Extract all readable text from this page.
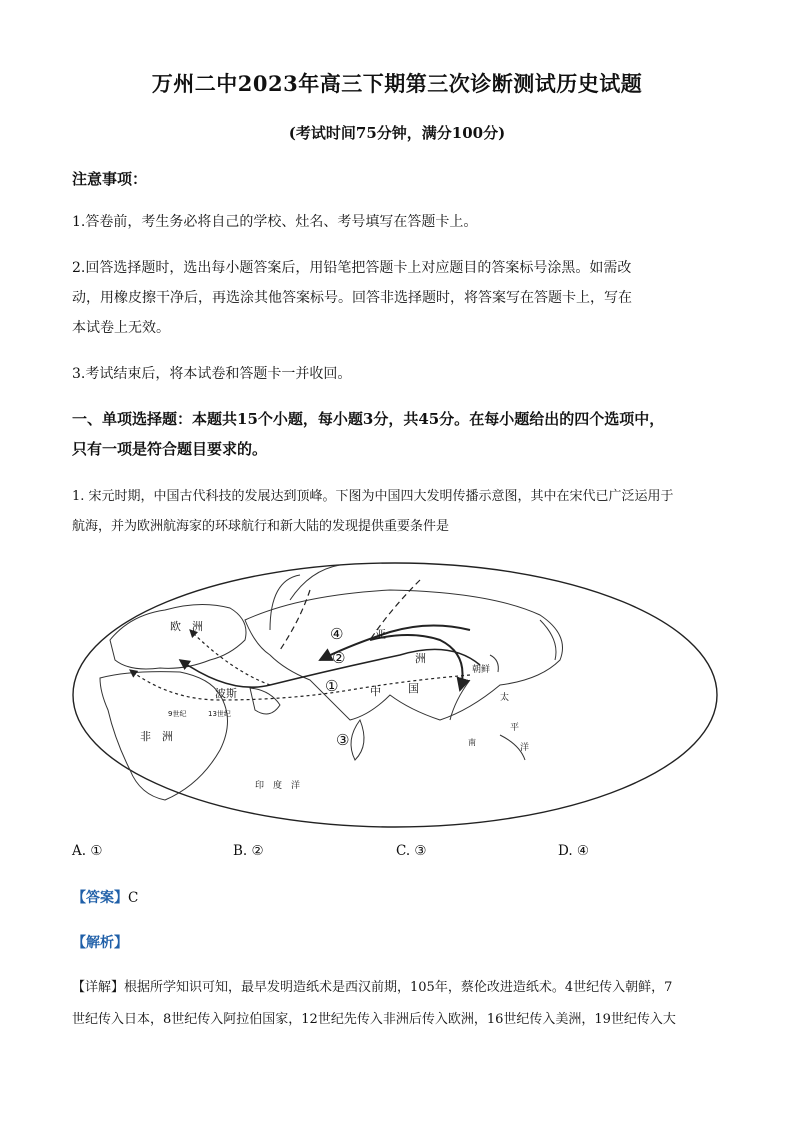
万州二中2023年高三下期第三次诊断测试历史试题
(考试时间75分钟，满分100分)
注意事项：
1.答卷前，考生务必将自己的学校、灶名、考号填写在答题卡上。
2.回答选择题时，选出每小题答案后，用铅笔把答题卡上对应题目的答案标号涂黑。如需改
动，用橡皮擦干净后，再选涂其他答案标号。回答非选择题时，将答案写在答题卡上，写在
本试卷上无效。
3.考试结束后，将本试卷和答题卡一并收回。
一、单项选择题：本题共15个小题，每小题3分，共45分。在每小题给出的四个选项中，
只有一项是符合题目要求的。
1. 宋元时期，中国古代科技的发展达到顶峰。下图为中国四大发明传播示意图，其中在宋代已广泛运用于
航海，并为欧洲航海家的环球航行和新大陆的发现提供重要条件是
欧　洲
亚
洲
非　洲
波斯	中 国
朝鲜
9世纪	13世纪
印　度　洋
太
平
洋
南
①
②
③
④
A. ①	B. ②	C. ③	D. ④
【答案】C
【解析】
【详解】根据所学知识可知，最早发明造纸术是西汉前期，105年，蔡伦改进造纸术。4世纪传入朝鲜，7
世纪传入日本，8世纪传入阿拉伯国家，12世纪先传入非洲后传入欧洲，16世纪传入美洲，19世纪传入大
